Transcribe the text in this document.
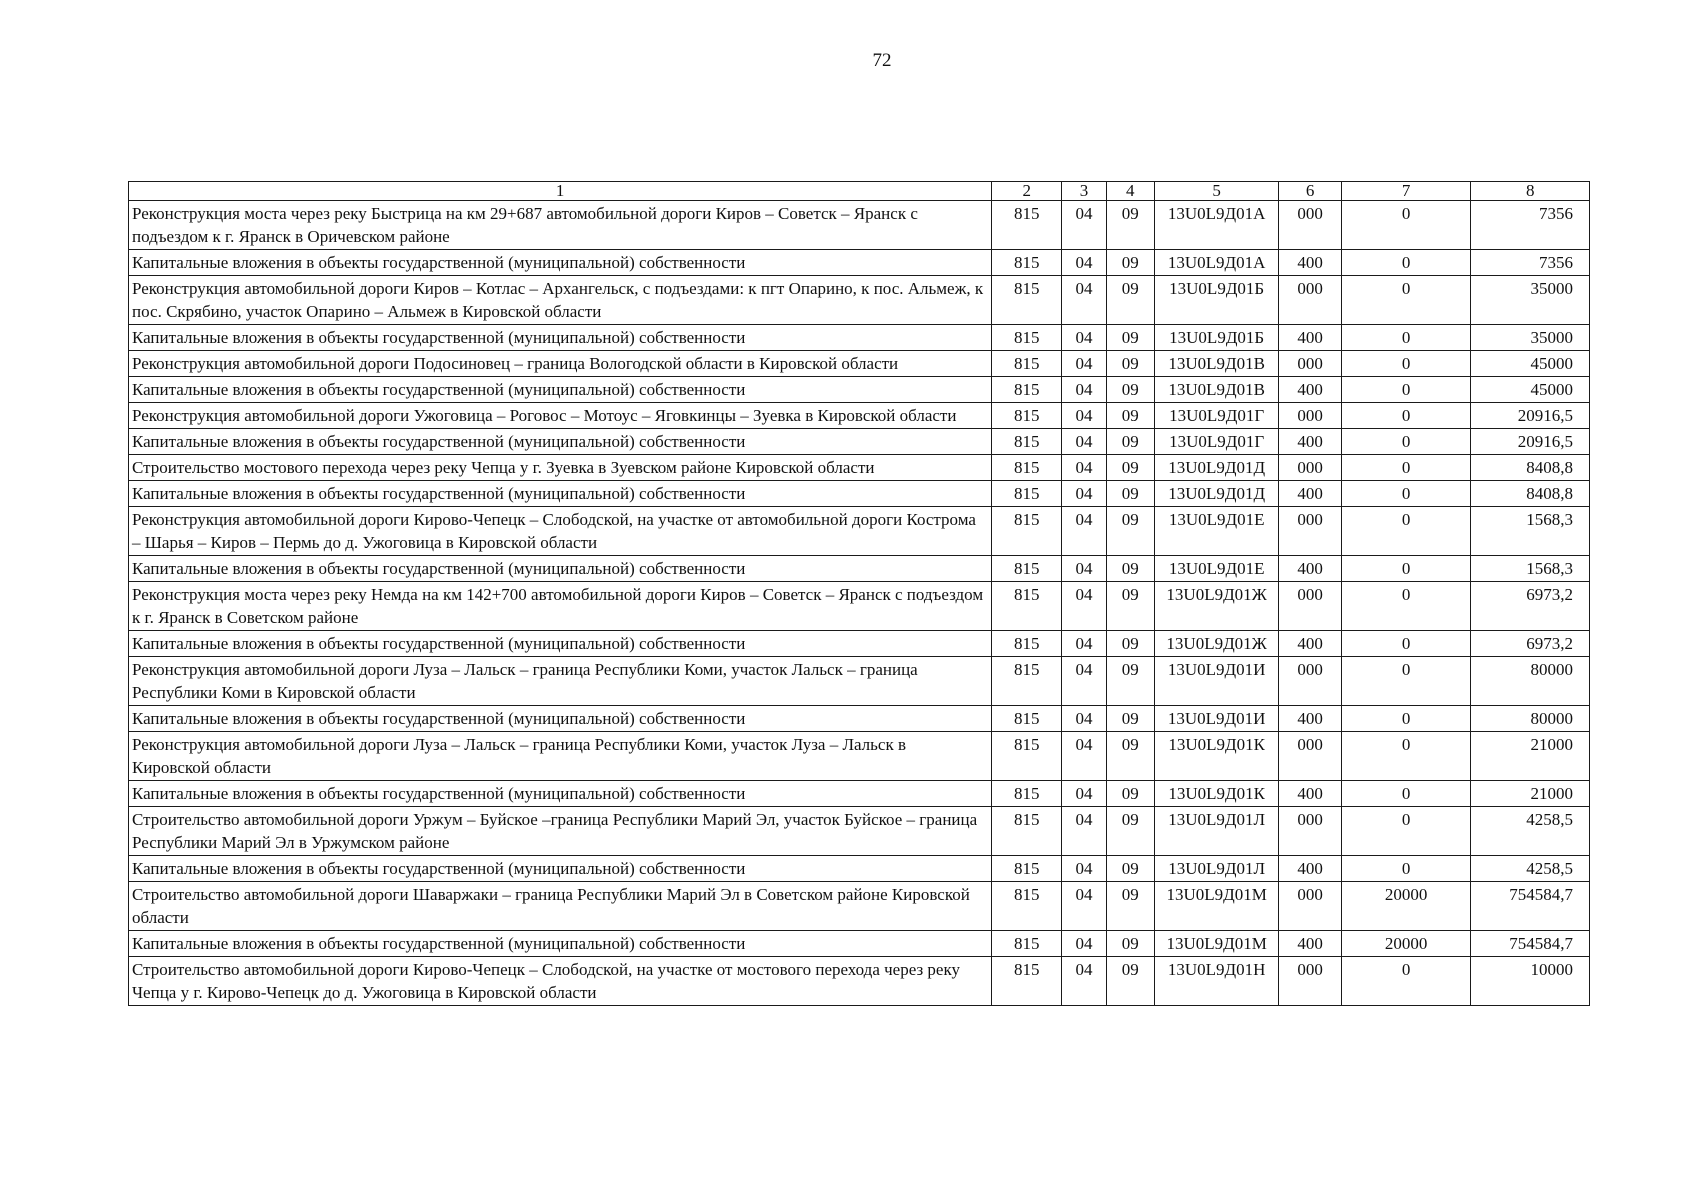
72
1	2	3	4	5	6	7	8
Реконструкция моста через реку Быстрица на км 29+687 автомобильной дороги Киров – Советск – Яранск с подъездом к г. Яранск в Оричевском районе	815	04	09	13U0L9Д01А	000	0	7356
Капитальные вложения в объекты государственной (муниципальной) собственности	815	04	09	13U0L9Д01А	400	0	7356
Реконструкция автомобильной дороги Киров – Котлас – Архангельск, с подъездами: к пгт Опарино, к пос. Альмеж, к пос. Скрябино, участок Опарино – Альмеж в Кировской области	815	04	09	13U0L9Д01Б	000	0	35000
Капитальные вложения в объекты государственной (муниципальной) собственности	815	04	09	13U0L9Д01Б	400	0	35000
Реконструкция автомобильной дороги Подосиновец – граница Вологодской области в Кировской области	815	04	09	13U0L9Д01В	000	0	45000
Капитальные вложения в объекты государственной (муниципальной) собственности	815	04	09	13U0L9Д01В	400	0	45000
Реконструкция автомобильной дороги Ужоговица – Роговос – Мотоус – Яговкинцы – Зуевка в Кировской области	815	04	09	13U0L9Д01Г	000	0	20916,5
Капитальные вложения в объекты государственной (муниципальной) собственности	815	04	09	13U0L9Д01Г	400	0	20916,5
Строительство мостового перехода через реку Чепца у г. Зуевка в Зуевском районе Кировской области	815	04	09	13U0L9Д01Д	000	0	8408,8
Капитальные вложения в объекты государственной (муниципальной) собственности	815	04	09	13U0L9Д01Д	400	0	8408,8
Реконструкция автомобильной дороги Кирово-Чепецк – Слободской, на участке от автомобильной дороги Кострома – Шарья – Киров – Пермь до д. Ужоговица в Кировской области	815	04	09	13U0L9Д01Е	000	0	1568,3
Капитальные вложения в объекты государственной (муниципальной) собственности	815	04	09	13U0L9Д01Е	400	0	1568,3
Реконструкция моста через реку Немда на км 142+700 автомобильной дороги Киров – Советск – Яранск с подъездом к г. Яранск в Советском районе	815	04	09	13U0L9Д01Ж	000	0	6973,2
Капитальные вложения в объекты государственной (муниципальной) собственности	815	04	09	13U0L9Д01Ж	400	0	6973,2
Реконструкция автомобильной дороги Луза – Лальск – граница Республики Коми, участок Лальск – граница Республики Коми в Кировской области	815	04	09	13U0L9Д01И	000	0	80000
Капитальные вложения в объекты государственной (муниципальной) собственности	815	04	09	13U0L9Д01И	400	0	80000
Реконструкция автомобильной дороги Луза – Лальск – граница Республики Коми, участок Луза – Лальск в Кировской области	815	04	09	13U0L9Д01К	000	0	21000
Капитальные вложения в объекты государственной (муниципальной) собственности	815	04	09	13U0L9Д01К	400	0	21000
Строительство автомобильной дороги Уржум – Буйское –граница Республики Марий Эл, участок Буйское – граница Республики Марий Эл в Уржумском районе	815	04	09	13U0L9Д01Л	000	0	4258,5
Капитальные вложения в объекты государственной (муниципальной) собственности	815	04	09	13U0L9Д01Л	400	0	4258,5
Строительство автомобильной дороги Шаваржаки – граница Республики Марий Эл в Советском районе Кировской области	815	04	09	13U0L9Д01М	000	20000	754584,7
Капитальные вложения в объекты государственной (муниципальной) собственности	815	04	09	13U0L9Д01М	400	20000	754584,7
Строительство автомобильной дороги Кирово-Чепецк – Слободской, на участке от мостового перехода через реку Чепца у г. Кирово-Чепецк до д. Ужоговица в Кировской области	815	04	09	13U0L9Д01Н	000	0	10000
